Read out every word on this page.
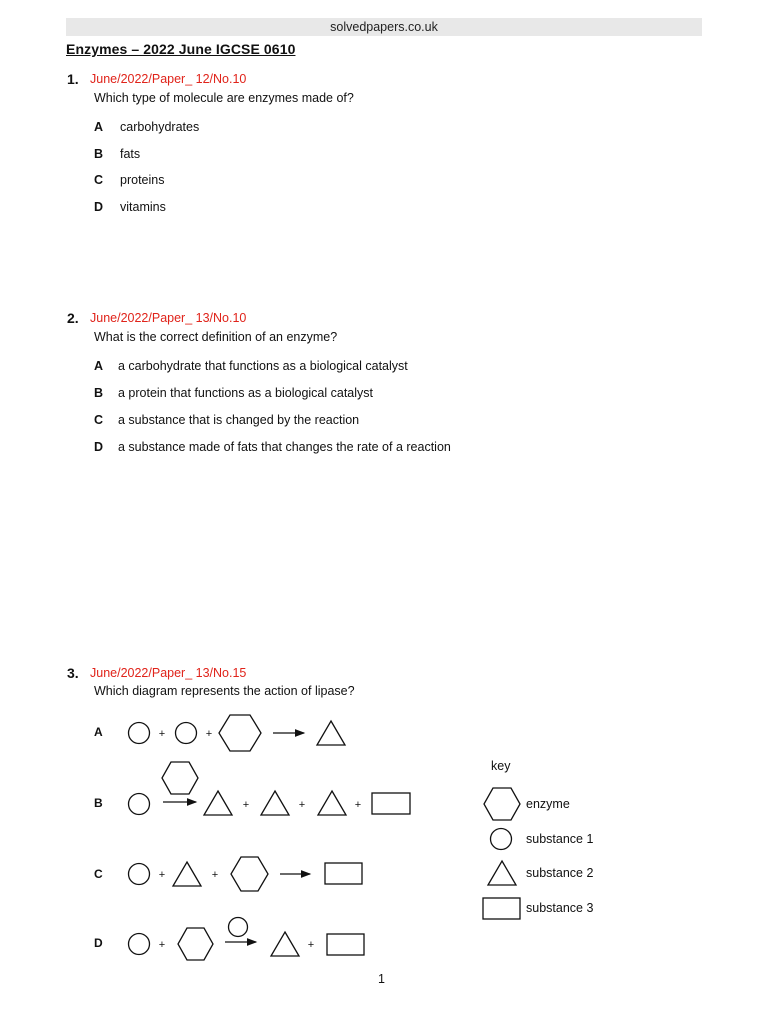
solvedpapers.co.uk
Enzymes – 2022 June IGCSE 0610
1. June/2022/Paper_ 12/No.10
Which type of molecule are enzymes made of?
A carbohydrates
B fats
C proteins
D vitamins
2. June/2022/Paper_ 13/No.10
What is the correct definition of an enzyme?
A a carbohydrate that functions as a biological catalyst
B a protein that functions as a biological catalyst
C a substance that is changed by the reaction
D a substance made of fats that changes the rate of a reaction
3. June/2022/Paper_ 13/No.15
Which diagram represents the action of lipase?
A
B
C
D
+	+
+	+	+
+	+
+	+
key
enzyme
substance 1
substance 2
substance 3
1
